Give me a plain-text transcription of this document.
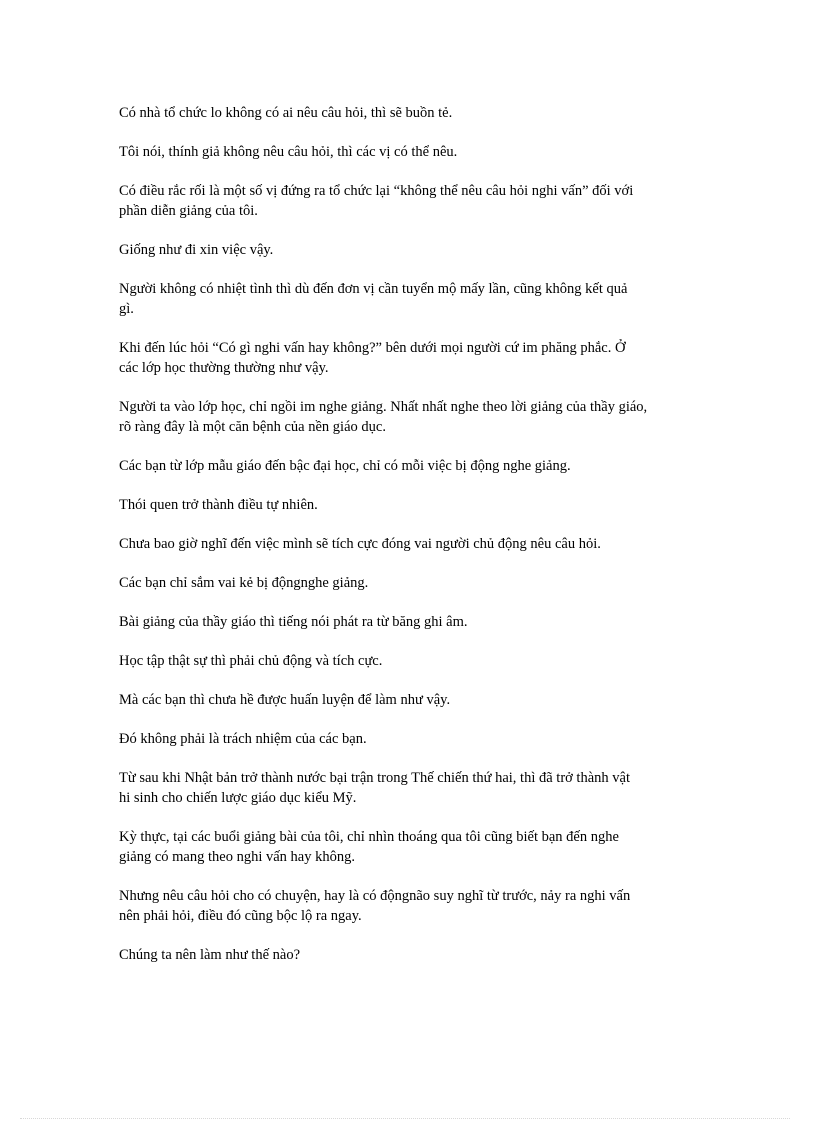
Có nhà tổ chức lo không có ai nêu câu hỏi, thì sẽ buồn tẻ.

Tôi nói, thính giả không nêu câu hỏi, thì các vị có thể nêu.

Có điều rắc rối là một số vị đứng ra tổ chức lại “không thể nêu câu hỏi nghi vấn” đối với
phần diễn giảng của tôi.

Giống như đi xin việc vậy.

Người không có nhiệt tình thì dù đến đơn vị cần tuyển mộ mấy lần, cũng không kết quả
gì.

Khi đến lúc hỏi “Có gì nghi vấn hay không?” bên dưới mọi người cứ im phăng phắc. Ở
các lớp học thường thường như vậy.

Người ta vào lớp học, chỉ ngồi im nghe giảng. Nhất nhất nghe theo lời giảng của thầy giáo,
rõ ràng đây là một căn bệnh của nền giáo dục.

Các bạn từ lớp mẫu giáo đến bậc đại học, chỉ có mỗi việc bị động nghe giảng.

Thói quen trở thành điều tự nhiên.

Chưa bao giờ nghĩ đến việc mình sẽ tích cực đóng vai người chủ động nêu câu hỏi.

Các bạn chỉ sắm vai kẻ bị độngnghe giảng.

Bài giảng của thầy giáo thì tiếng nói phát ra từ băng ghi âm.

Học tập thật sự thì phải chủ động và tích cực.

Mà các bạn thì chưa hề được huấn luyện để làm như vậy.

Đó không phải là trách nhiệm của các bạn.

Từ sau khi Nhật bản trở thành nước bại trận trong Thế chiến thứ hai, thì đã trở thành vật
hi sinh cho chiến lược giáo dục kiểu Mỹ.

Kỳ thực, tại các buổi giảng bài của tôi, chỉ nhìn thoáng qua tôi cũng biết bạn đến nghe
giảng có mang theo nghi vấn hay không.

Nhưng nêu câu hỏi cho có chuyện, hay là có độngnão suy nghĩ từ trước, nảy ra nghi vấn
nên phải hỏi, điều đó cũng bộc lộ ra ngay.

Chúng ta nên làm như thế nào?
